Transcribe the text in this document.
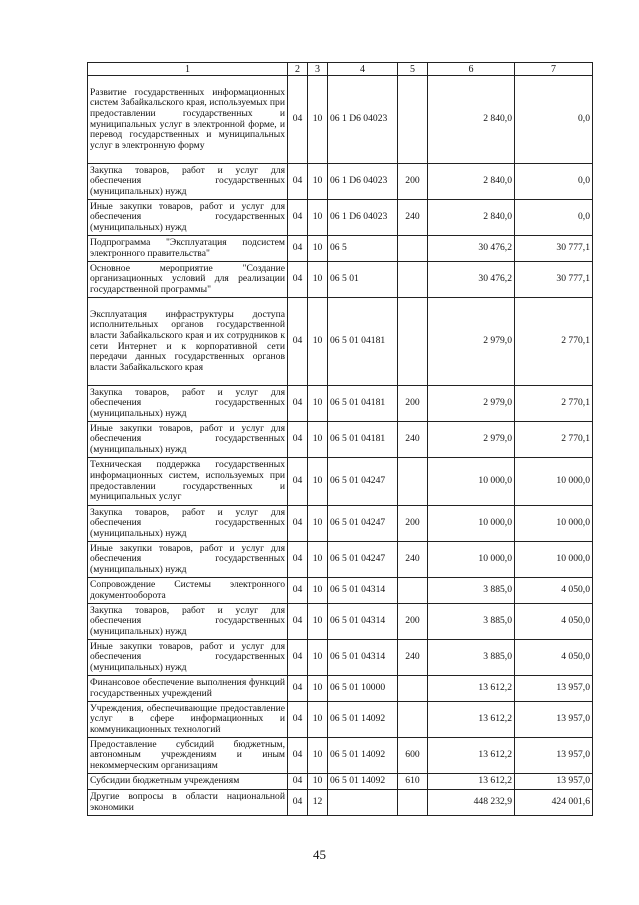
1	2	3	4	5	6	7
Развитие государственных информационных систем Забайкальского края, используемых при предоставлении государственных и муниципальных услуг в электронной форме, и перевод государственных и муниципальных услуг в электронную форму	04	10	06 1 D6 04023		2 840,0	0,0
Закупка товаров, работ и услуг для обеспечения государственных (муниципальных) нужд	04	10	06 1 D6 04023	200	2 840,0	0,0
Иные закупки товаров, работ и услуг для обеспечения государственных (муниципальных) нужд	04	10	06 1 D6 04023	240	2 840,0	0,0
Подпрограмма "Эксплуатация подсистем электронного правительства"	04	10	06 5		30 476,2	30 777,1
Основное мероприятие "Создание организационных условий для реализации государственной программы"	04	10	06 5 01		30 476,2	30 777,1
Эксплуатация инфраструктуры доступа исполнительных органов государственной власти Забайкальского края и их сотрудников к сети Интернет и к корпоративной сети передачи данных государственных органов власти Забайкальского края	04	10	06 5 01 04181		2 979,0	2 770,1
Закупка товаров, работ и услуг для обеспечения государственных (муниципальных) нужд	04	10	06 5 01 04181	200	2 979,0	2 770,1
Иные закупки товаров, работ и услуг для обеспечения государственных (муниципальных) нужд	04	10	06 5 01 04181	240	2 979,0	2 770,1
Техническая поддержка государственных информационных систем, используемых при предоставлении государственных и муниципальных услуг	04	10	06 5 01 04247		10 000,0	10 000,0
Закупка товаров, работ и услуг для обеспечения государственных (муниципальных) нужд	04	10	06 5 01 04247	200	10 000,0	10 000,0
Иные закупки товаров, работ и услуг для обеспечения государственных (муниципальных) нужд	04	10	06 5 01 04247	240	10 000,0	10 000,0
Сопровождение Системы электронного документооборота	04	10	06 5 01 04314		3 885,0	4 050,0
Закупка товаров, работ и услуг для обеспечения государственных (муниципальных) нужд	04	10	06 5 01 04314	200	3 885,0	4 050,0
Иные закупки товаров, работ и услуг для обеспечения государственных (муниципальных) нужд	04	10	06 5 01 04314	240	3 885,0	4 050,0
Финансовое обеспечение выполнения функций государственных учреждений	04	10	06 5 01 10000		13 612,2	13 957,0
Учреждения, обеспечивающие предоставление услуг в сфере информационных и коммуникационных технологий	04	10	06 5 01 14092		13 612,2	13 957,0
Предоставление субсидий бюджетным, автономным учреждениям и иным некоммерческим организациям	04	10	06 5 01 14092	600	13 612,2	13 957,0
Субсидии бюджетным учреждениям	04	10	06 5 01 14092	610	13 612,2	13 957,0
Другие вопросы в области национальной экономики	04	12			448 232,9	424 001,6
45
